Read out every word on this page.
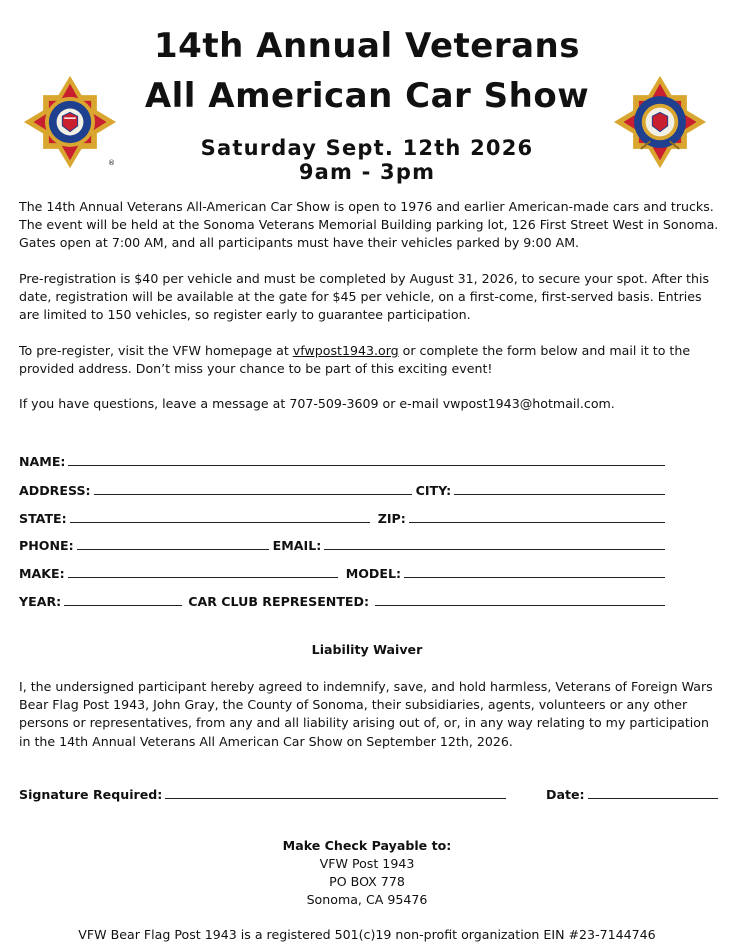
14th Annual Veterans
All American Car Show
Saturday Sept. 12th 2026
9am - 3pm
®
The 14th Annual Veterans All-American Car Show is open to 1976 and earlier American-made cars and trucks. The event will be held at the Sonoma Veterans Memorial Building parking lot, 126 First Street West in Sonoma. Gates open at 7:00 AM, and all participants must have their vehicles parked by 9:00 AM.
Pre-registration is $40 per vehicle and must be completed by August 31, 2026, to secure your spot. After this date, registration will be available at the gate for $45 per vehicle, on a first-come, first-served basis. Entries are limited to 150 vehicles, so register early to guarantee participation.
To pre-register, visit the VFW homepage at vfwpost1943.org or complete the form below and mail it to the provided address. Don’t miss your chance to be part of this exciting event!
If you have questions, leave a message at 707-509-3609 or e-mail vwpost1943@hotmail.com.
NAME:
ADDRESS:	CITY:
STATE:	ZIP:
PHONE:	EMAIL:
MAKE:	MODEL:
YEAR:	CAR CLUB REPRESENTED:
Liability Waiver
I, the undersigned participant hereby agreed to indemnify, save, and hold harmless, Veterans of Foreign Wars Bear Flag Post 1943, John Gray, the County of Sonoma, their subsidiaries, agents, volunteers or any other persons or representatives, from any and all liability arising out of, or, in any way relating to my participation in the 14th Annual Veterans All American Car Show on September 12th, 2026.
Signature Required:	Date:
Make Check Payable to:
VFW Post 1943
PO BOX 778
Sonoma, CA 95476
VFW Bear Flag Post 1943 is a registered 501(c)19 non-profit organization EIN #23-7144746
